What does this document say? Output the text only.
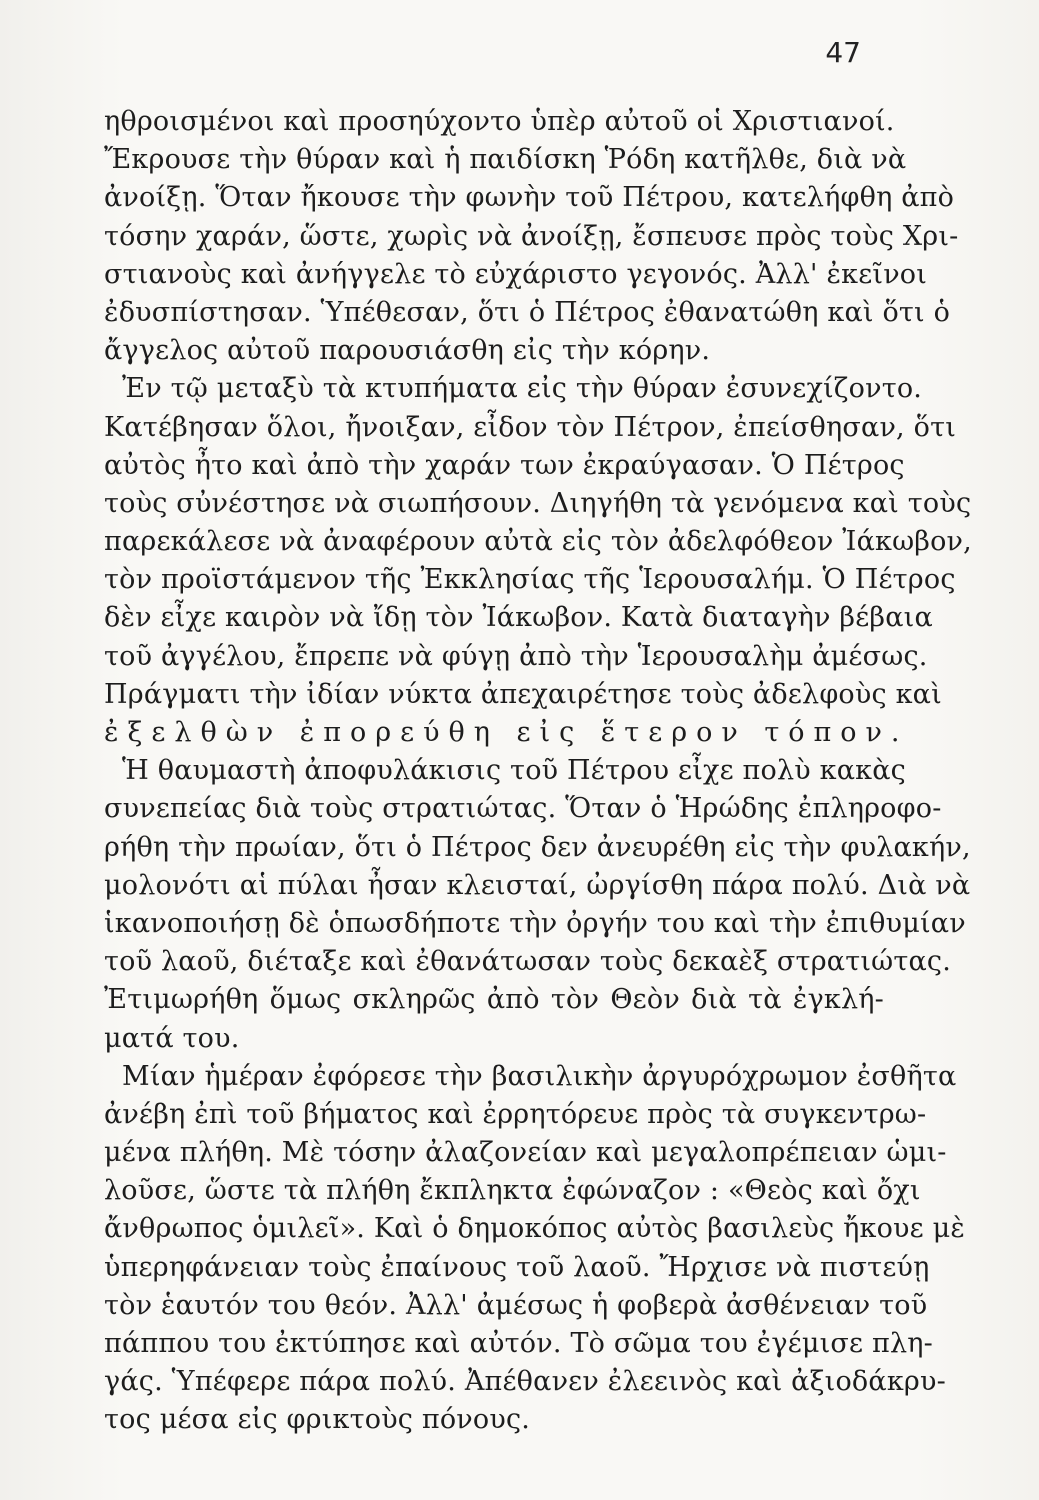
47
ηθροισμένοι καὶ προσηύχοντο ὑπὲρ αὐτοῦ οἱ Χριστιανοί.
Ἔκρουσε τὴν θύραν καὶ ἡ παιδίσκη Ῥόδη κατῆλθε, διὰ νὰ
ἀνοίξῃ. Ὅταν ἤκουσε τὴν φωνὴν τοῦ Πέτρου, κατελήφθη ἀπὸ
τόσην χαράν, ὥστε, χωρὶς νὰ ἀνοίξῃ, ἔσπευσε πρὸς τοὺς Χρι-
στιανοὺς καὶ ἀνήγγελε τὸ εὐχάριστο γεγονός. Ἀλλ' ἐκεῖνοι
ἐδυσπίστησαν. Ὑπέθεσαν, ὅτι ὁ Πέτρος ἐθανατώθη καὶ ὅτι ὁ
ἄγγελος αὐτοῦ παρουσιάσθη εἰς τὴν κόρην.
Ἐν τῷ μεταξὺ τὰ κτυπήματα εἰς τὴν θύραν ἐσυνεχίζοντο.
Κατέβησαν ὅλοι, ἤνοιξαν, εἶδον τὸν Πέτρον, ἐπείσθησαν, ὅτι
αὐτὸς ἦτο καὶ ἀπὸ τὴν χαράν των ἐκραύγασαν. Ὁ Πέτρος
τοὺς σὐνέστησε νὰ σιωπήσουν. Διηγήθη τὰ γενόμενα καὶ τοὺς
παρεκάλεσε νὰ ἀναφέρουν αὐτὰ εἰς τὸν ἀδελφόθεον Ἰάκωβον,
τὸν προϊστάμενον τῆς Ἐκκλησίας τῆς Ἱερουσαλήμ. Ὁ Πέτρος
δὲν εἶχε καιρὸν νὰ ἴδῃ τὸν Ἰάκωβον. Κατὰ διαταγὴν βέβαια
τοῦ ἀγγέλου, ἔπρεπε νὰ φύγῃ ἀπὸ τὴν Ἱερουσαλὴμ ἀμέσως.
Πράγματι τὴν ἰδίαν νύκτα ἀπεχαιρέτησε τοὺς ἀδελφοὺς καὶ
ἐξελθὼν ἐπορεύθη εἰς ἕτερον τόπον.
Ἡ θαυμαστὴ ἀποφυλάκισις τοῦ Πέτρου εἶχε πολὺ κακὰς
συνεπείας διὰ τοὺς στρατιώτας. Ὅταν ὁ Ἡρώδης ἐπληροφο-
ρήθη τὴν πρωίαν, ὅτι ὁ Πέτρος δεν ἀνευρέθη εἰς τὴν φυλακήν,
μολονότι αἱ πύλαι ἦσαν κλεισταί, ὠργίσθη πάρα πολύ. Διὰ νὰ
ἱκανοποιήσῃ δὲ ὁπωσδήποτε τὴν ὀργήν του καὶ τὴν ἐπιθυμίαν
τοῦ λαοῦ, διέταξε καὶ ἐθανάτωσαν τοὺς δεκαὲξ στρατιώτας.
Ἐτιμωρήθη ὅμως σκληρῶς ἀπὸ τὸν Θεὸν διὰ τὰ ἐγκλή-
ματά του.
Μίαν ἡμέραν ἐφόρεσε τὴν βασιλικὴν ἀργυρόχρωμον ἐσθῆτα
ἀνέβη ἐπὶ τοῦ βήματος καὶ ἐρρητόρευε πρὸς τὰ συγκεντρω-
μένα πλήθη. Μὲ τόσην ἀλαζονείαν καὶ μεγαλοπρέπειαν ὡμι-
λοῦσε, ὥστε τὰ πλήθη ἔκπληκτα ἐφώναζον : «Θεὸς καὶ ὄχι
ἄνθρωπος ὁμιλεῖ». Καὶ ὁ δημοκόπος αὐτὸς βασιλεὺς ἤκουε μὲ
ὑπερηφάνειαν τοὺς ἐπαίνους τοῦ λαοῦ. Ἤρχισε νὰ πιστεύῃ
τὸν ἑαυτόν του θεόν. Ἀλλ' ἀμέσως ἡ φοβερὰ ἀσθένειαν τοῦ
πάππου του ἐκτύπησε καὶ αὐτόν. Τὸ σῶμα του ἐγέμισε πλη-
γάς. Ὑπέφερε πάρα πολύ. Ἀπέθανεν ἐλεεινὸς καὶ ἀξιοδάκρυ-
τος μέσα εἰς φρικτοὺς πόνους.
